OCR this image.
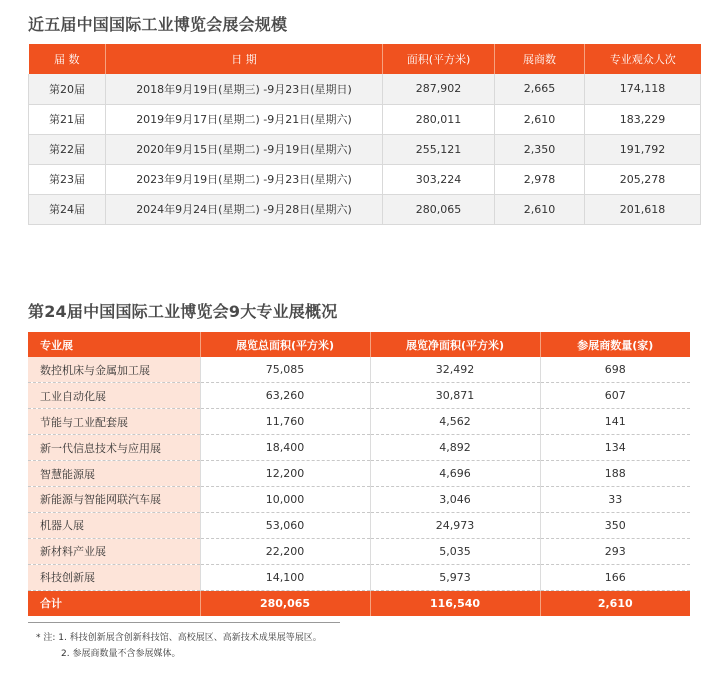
近五届中国国际工业博览会展会规模
届 数	日 期	面积(平方米)	展商数	专业观众人次
第20届	2018年9月19日(星期三) -9月23日(星期日)	287,902	2,665	174,118
第21届	2019年9月17日(星期二) -9月21日(星期六)	280,011	2,610	183,229
第22届	2020年9月15日(星期二) -9月19日(星期六)	255,121	2,350	191,792
第23届	2023年9月19日(星期二) -9月23日(星期六)	303,224	2,978	205,278
第24届	2024年9月24日(星期二) -9月28日(星期六)	280,065	2,610	201,618
第24届中国国际工业博览会9大专业展概况
专业展	展览总面积(平方米)	展览净面积(平方米)	参展商数量(家)
数控机床与金属加工展	75,085	32,492	698
工业自动化展	63,260	30,871	607
节能与工业配套展	11,760	4,562	141
新一代信息技术与应用展	18,400	4,892	134
智慧能源展	12,200	4,696	188
新能源与智能网联汽车展	10,000	3,046	33
机器人展	53,060	24,973	350
新材料产业展	22,200	5,035	293
科技创新展	14,100	5,973	166
合计	280,065	116,540	2,610
* 注: 1. 科技创新展含创新科技馆、高校展区、高新技术成果展等展区。
2. 参展商数量不含参展媒体。
